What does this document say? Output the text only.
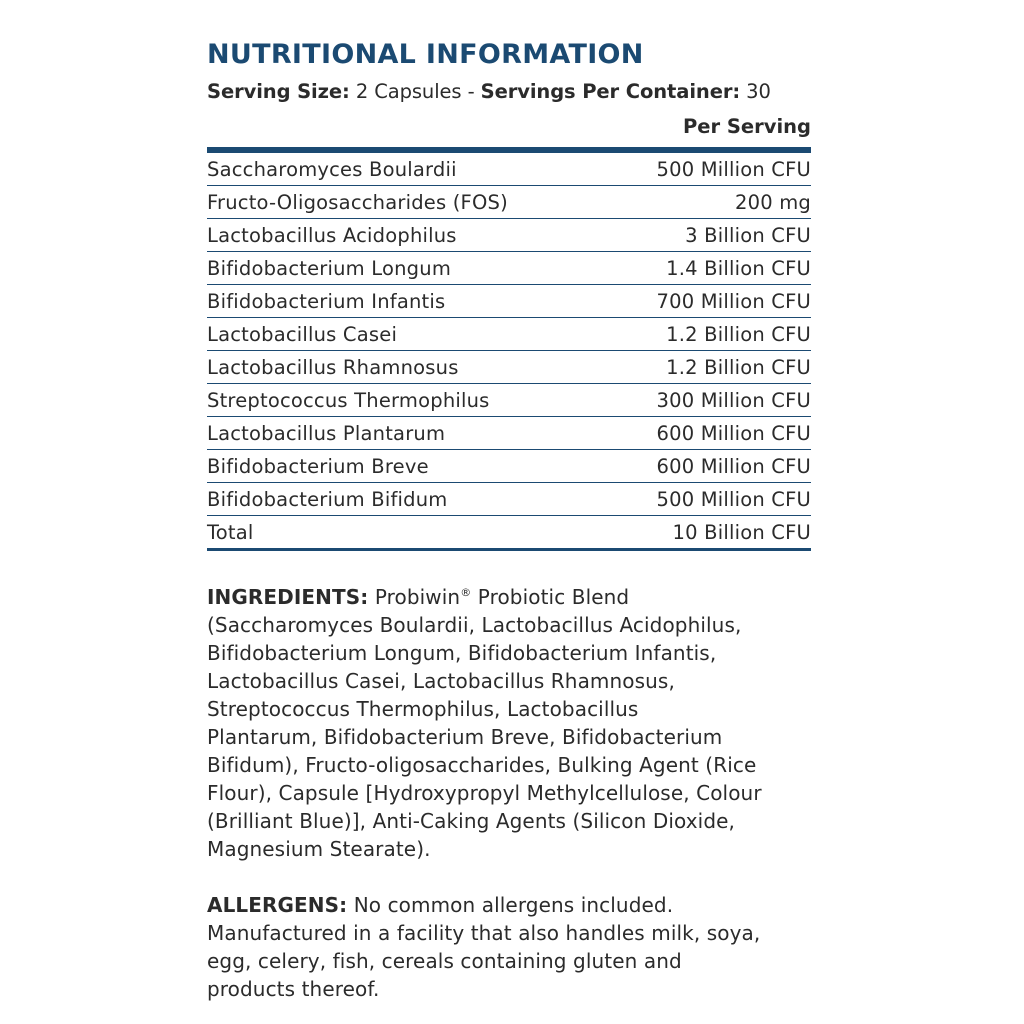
NUTRITIONAL INFORMATION
Serving Size: 2 Capsules - Servings Per Container: 30
Per Serving
Saccharomyces Boulardii	500 Million CFU
Fructo-Oligosaccharides (FOS)	200 mg
Lactobacillus Acidophilus	3 Billion CFU
Bifidobacterium Longum	1.4 Billion CFU
Bifidobacterium Infantis	700 Million CFU
Lactobacillus Casei	1.2 Billion CFU
Lactobacillus Rhamnosus	1.2 Billion CFU
Streptococcus Thermophilus	300 Million CFU
Lactobacillus Plantarum	600 Million CFU
Bifidobacterium Breve	600 Million CFU
Bifidobacterium Bifidum	500 Million CFU
Total	10 Billion CFU
INGREDIENTS: Probiwin® Probiotic Blend
(Saccharomyces Boulardii, Lactobacillus Acidophilus,
Bifidobacterium Longum, Bifidobacterium Infantis,
Lactobacillus Casei, Lactobacillus Rhamnosus,
Streptococcus Thermophilus, Lactobacillus
Plantarum, Bifidobacterium Breve, Bifidobacterium
Bifidum), Fructo-oligosaccharides, Bulking Agent (Rice
Flour), Capsule [Hydroxypropyl Methylcellulose, Colour
(Brilliant Blue)], Anti-Caking Agents (Silicon Dioxide,
Magnesium Stearate).
ALLERGENS: No common allergens included.
Manufactured in a facility that also handles milk, soya,
egg, celery, fish, cereals containing gluten and
products thereof.
